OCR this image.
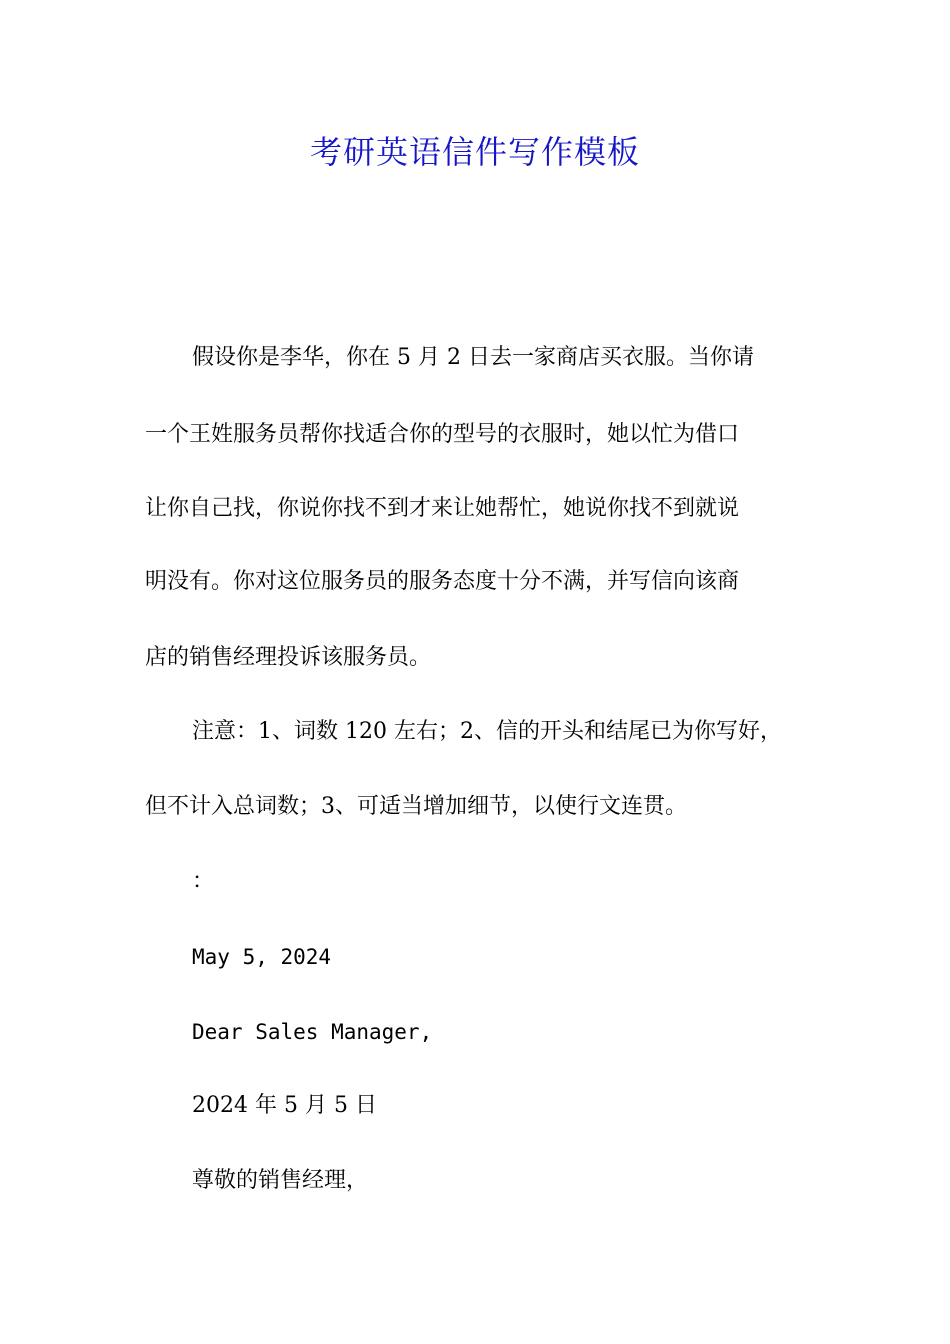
考研英语信件写作模板
假设你是李华，你在 5 月 2 日去一家商店买衣服。当你请
一个王姓服务员帮你找适合你的型号的衣服时，她以忙为借口
让你自己找，你说你找不到才来让她帮忙，她说你找不到就说
明没有。你对这位服务员的服务态度十分不满，并写信向该商
店的销售经理投诉该服务员。
注意：1、词数 120 左右；2、信的开头和结尾已为你写好，
但不计入总词数；3、可适当增加细节，以使行文连贯。
：
May 5, 2024
Dear Sales Manager,
2024 年 5 月 5 日
尊敬的销售经理，
